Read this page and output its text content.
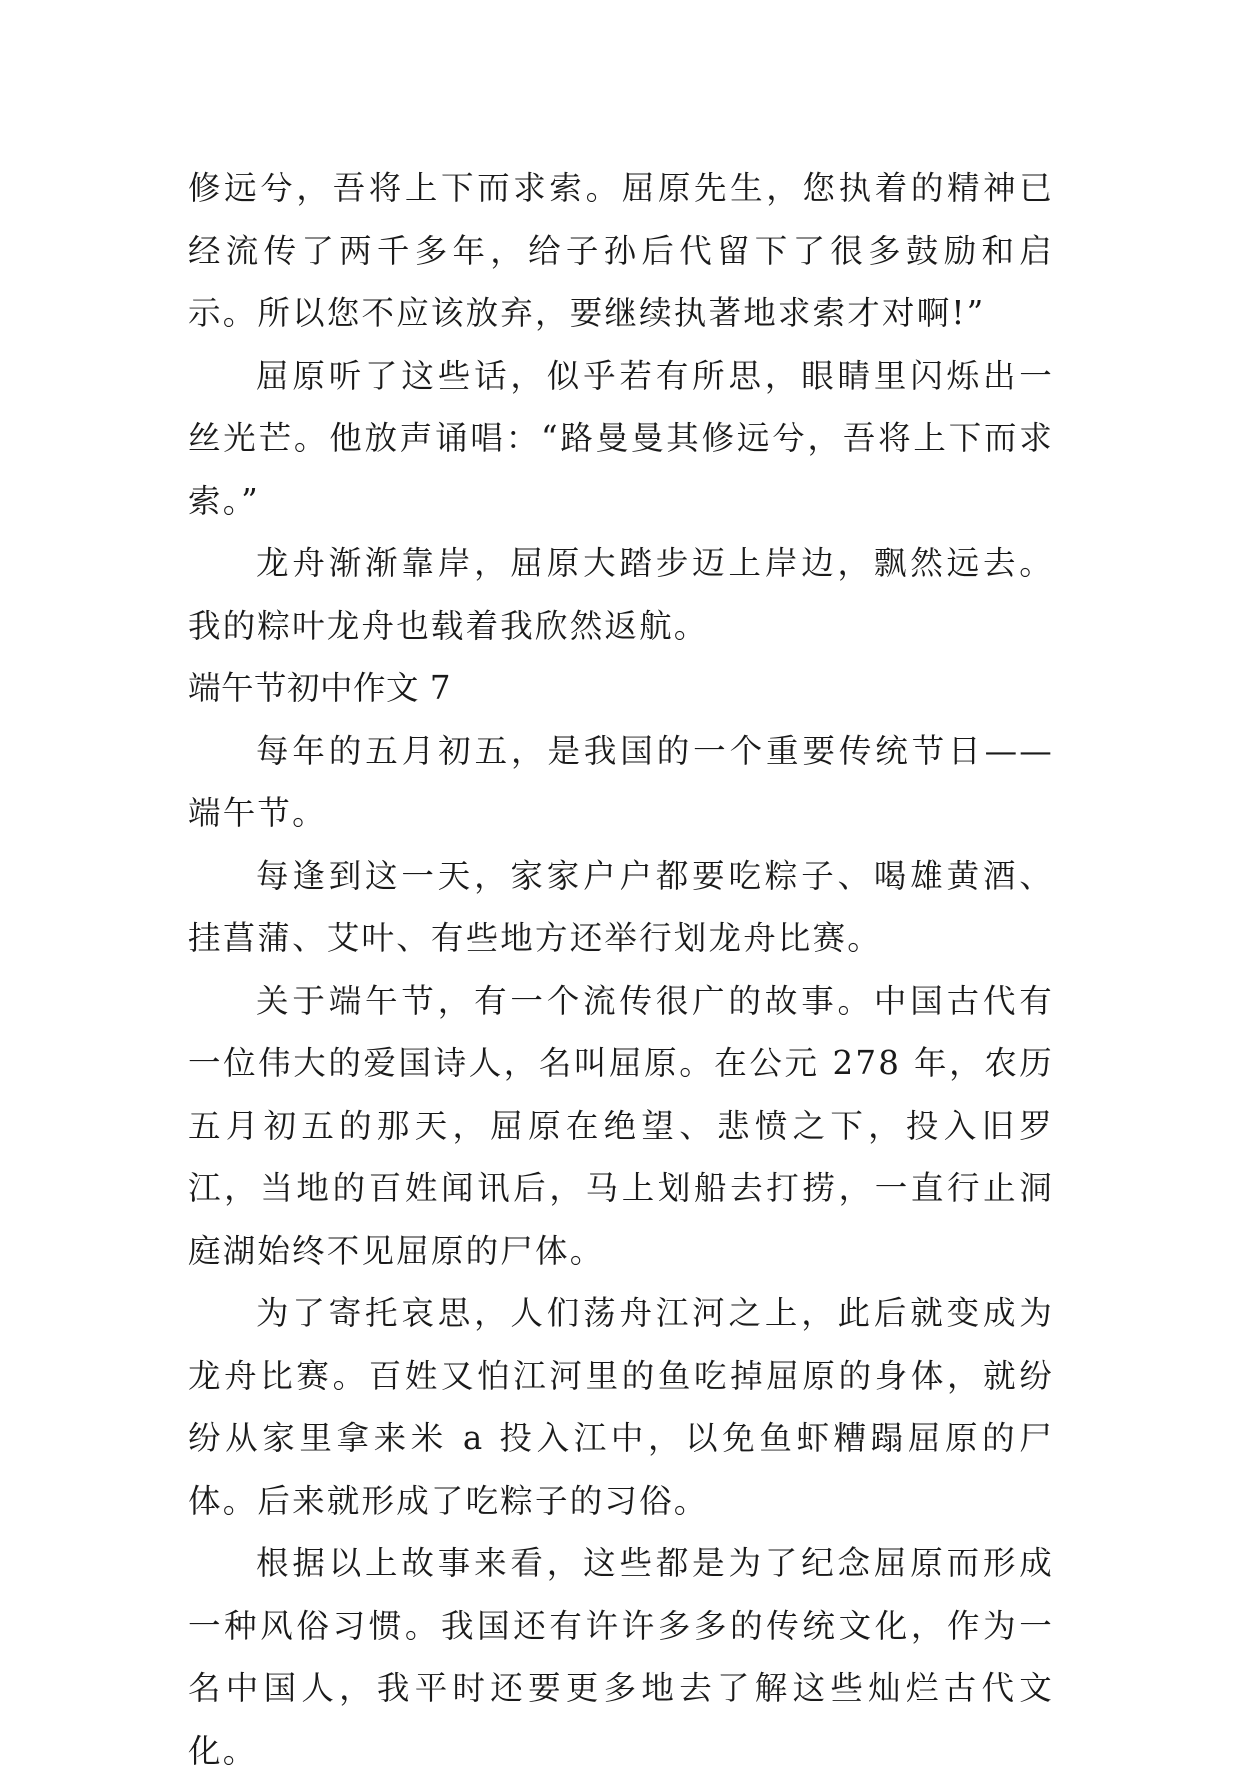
修远兮，吾将上下而求索。屈原先生，您执着的精神已经流传了两千多年，给子孙后代留下了很多鼓励和启示。所以您不应该放弃，要继续执著地求索才对啊!”

屈原听了这些话，似乎若有所思，眼睛里闪烁出一丝光芒。他放声诵唱：“路曼曼其修远兮，吾将上下而求索。”

龙舟渐渐靠岸，屈原大踏步迈上岸边，飘然远去。我的粽叶龙舟也载着我欣然返航。

端午节初中作文 7

每年的五月初五，是我国的一个重要传统节日——端午节。

每逢到这一天，家家户户都要吃粽子、喝雄黄酒、挂菖蒲、艾叶、有些地方还举行划龙舟比赛。

关于端午节，有一个流传很广的故事。中国古代有一位伟大的爱国诗人，名叫屈原。在公元 278 年，农历五月初五的那天，屈原在绝望、悲愤之下，投入旧罗江，当地的百姓闻讯后，马上划船去打捞，一直行止洞庭湖始终不见屈原的尸体。

为了寄托哀思，人们荡舟江河之上，此后就变成为龙舟比赛。百姓又怕江河里的鱼吃掉屈原的身体，就纷纷从家里拿来米 a 投入江中，以免鱼虾糟蹋屈原的尸体。后来就形成了吃粽子的习俗。

根据以上故事来看，这些都是为了纪念屈原而形成一种风俗习惯。我国还有许许多多的传统文化，作为一名中国人，我平时还要更多地去了解这些灿烂古代文化。
